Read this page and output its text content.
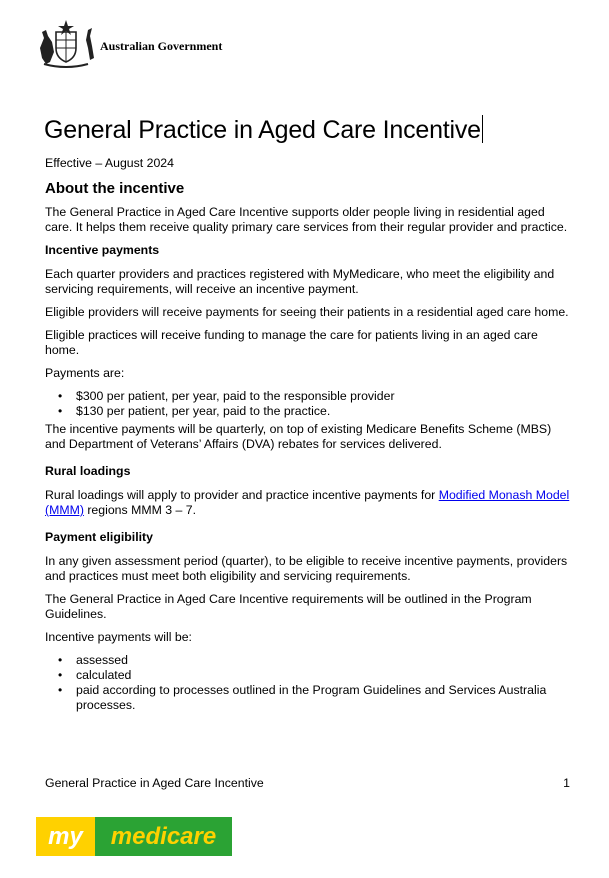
Australian Government
General Practice in Aged Care Incentive
Effective – August 2024
About the incentive

The General Practice in Aged Care Incentive supports older people living in residential aged care. It helps them receive quality primary care services from their regular provider and practice.

Incentive payments

Each quarter providers and practices registered with MyMedicare, who meet the eligibility and servicing requirements, will receive an incentive payment.

Eligible providers will receive payments for seeing their patients in a residential aged care home.

Eligible practices will receive funding to manage the care for patients living in an aged care home.

Payments are:

• $300 per patient, per year, paid to the responsible provider
• $130 per patient, per year, paid to the practice.

The incentive payments will be quarterly, on top of existing Medicare Benefits Scheme (MBS) and Department of Veterans’ Affairs (DVA) rebates for services delivered.

Rural loadings

Rural loadings will apply to provider and practice incentive payments for Modified Monash Model (MMM) regions MMM 3 – 7.

Payment eligibility

In any given assessment period (quarter), to be eligible to receive incentive payments, providers and practices must meet both eligibility and servicing requirements.

The General Practice in Aged Care Incentive requirements will be outlined in the Program Guidelines.

Incentive payments will be:

• assessed
• calculated
• paid according to processes outlined in the Program Guidelines and Services Australia processes.
General Practice in Aged Care Incentive	1
my	medicare
